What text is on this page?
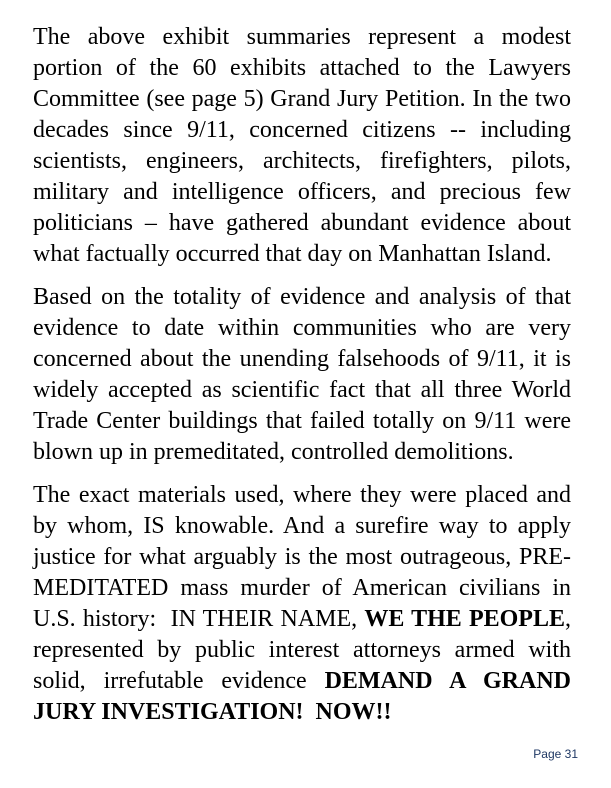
The above exhibit summaries represent a modest portion of the 60 exhibits attached to the Lawyers Committee (see page 5) Grand Jury Petition. In the two decades since 9/11, concerned citizens -- including scientists, engineers, architects, firefighters, pilots, military and intelligence officers, and precious few politicians – have gathered abundant evidence about what factually occurred that day on Manhattan Island.

Based on the totality of evidence and analysis of that evidence to date within communities who are very concerned about the unending falsehoods of 9/11, it is widely accepted as scientific fact that all three World Trade Center buildings that failed totally on 9/11 were blown up in premeditated, controlled demolitions.

The exact materials used, where they were placed and by whom, IS knowable. And a surefire way to apply justice for what arguably is the most outrageous, PRE-MEDITATED mass murder of American civilians in U.S. history:  IN THEIR NAME, WE THE PEOPLE, represented by public interest attorneys armed with solid, irrefutable evidence DEMAND A GRAND JURY INVESTIGATION!  NOW!!

Page 31
